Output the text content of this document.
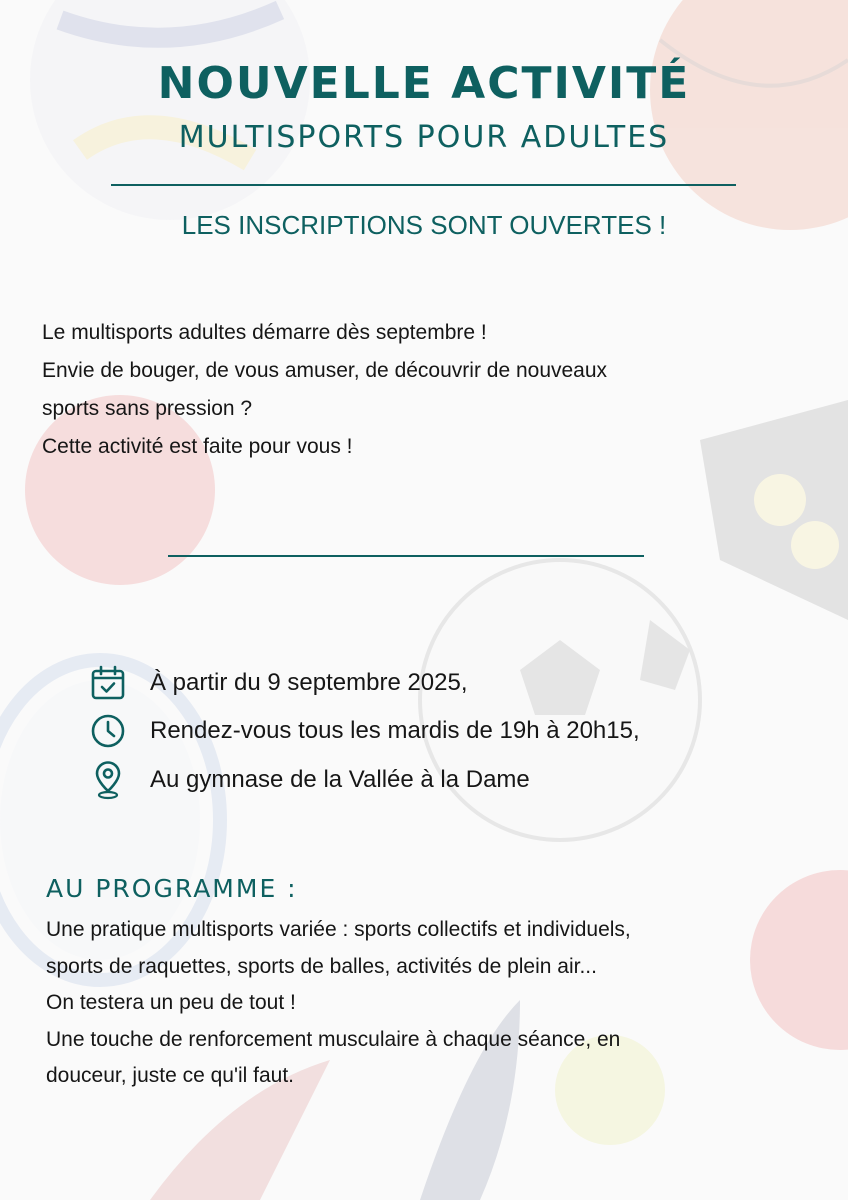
NOUVELLE ACTIVITÉ
MULTISPORTS POUR ADULTES
LES INSCRIPTIONS SONT OUVERTES !
Le multisports adultes démarre dès septembre !
Envie de bouger, de vous amuser, de découvrir de nouveaux
sports sans pression ?
Cette activité est faite pour vous !
À partir du 9 septembre 2025,
Rendez-vous tous les mardis de 19h à 20h15,
Au gymnase de la Vallée à la Dame
AU PROGRAMME :
Une pratique multisports variée : sports collectifs et individuels,
sports de raquettes, sports de balles, activités de plein air...
On testera un peu de tout !
Une touche de renforcement musculaire à chaque séance, en
douceur, juste ce qu'il faut.
